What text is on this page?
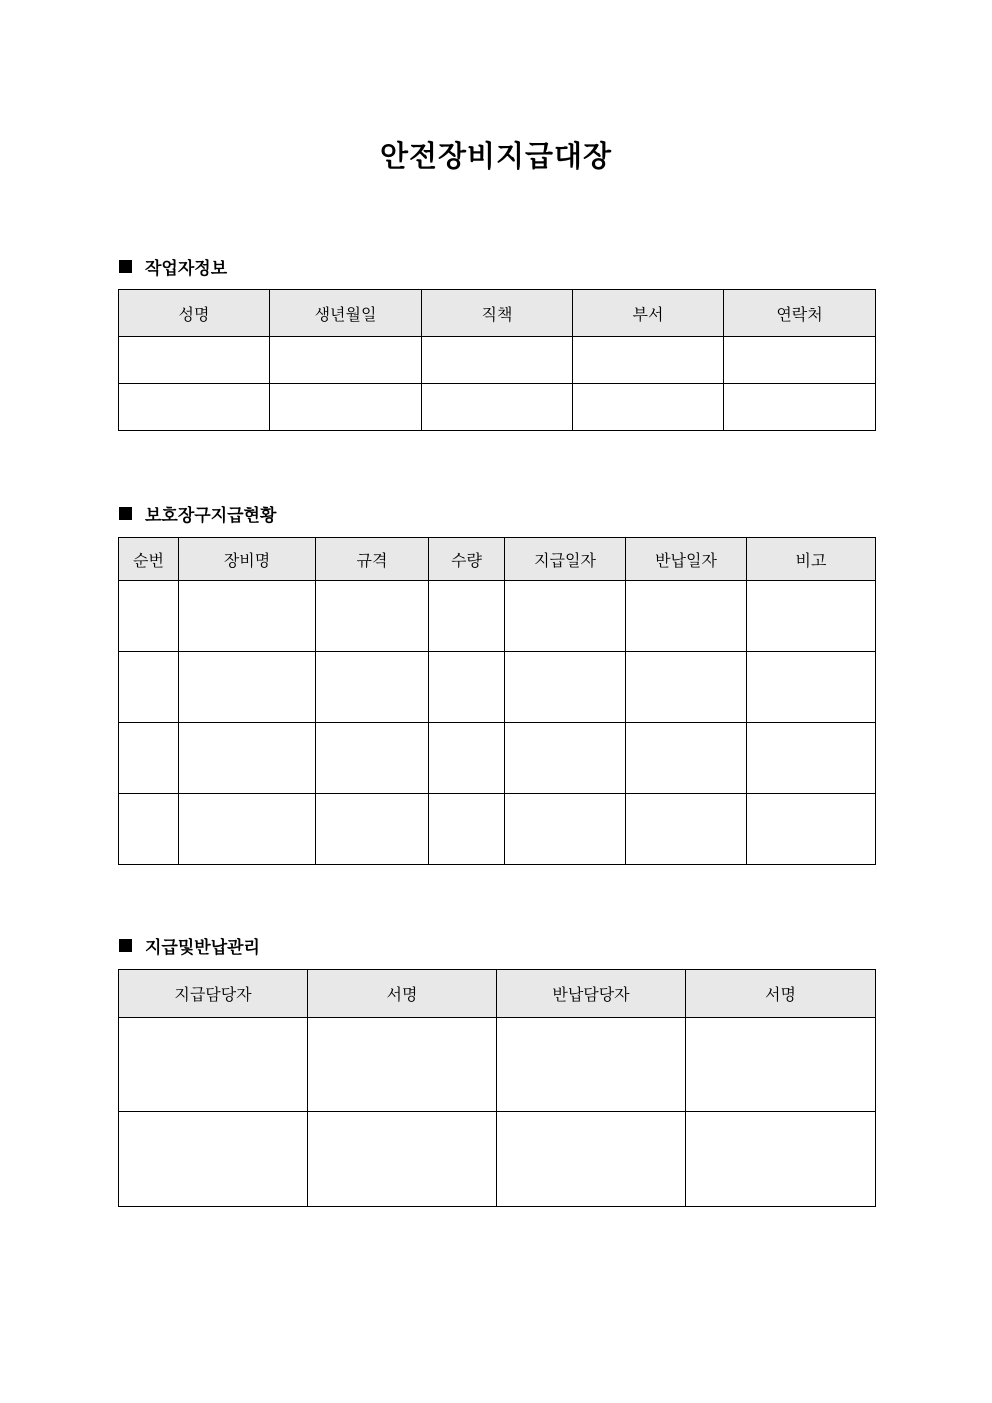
안전장비지급대장
작업자정보
성명	생년월일	직책	부서	연락처

보호장구지급현황
순번	장비명	규격	수량	지급일자	반납일자	비고

지급및반납관리
지급담당자	서명	반납담당자	서명
